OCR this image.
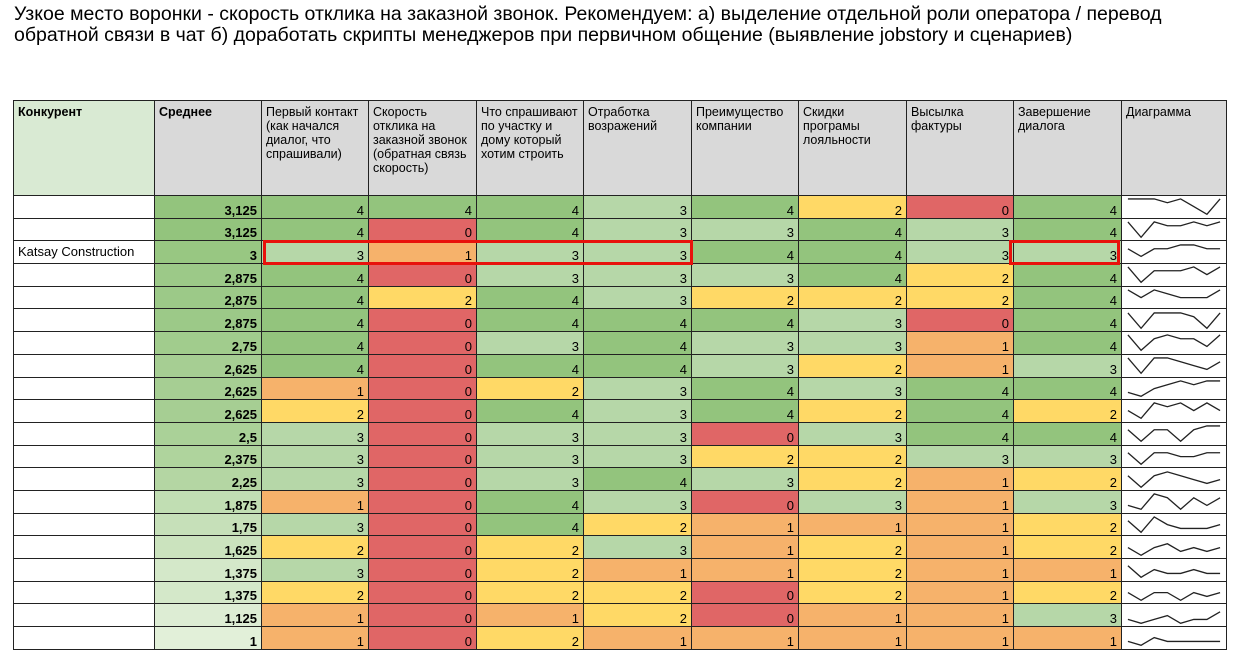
Узкое место воронки - скорость отклика на заказной звонок. Рекомендуем: а) выделение отдельной роли оператора / перевод обратной связи в чат б) доработать скрипты менеджеров при первичном общение (выявление jobstory и сценариев)
Конкурент	Среднее	Первый контакт (как начался диалог, что спрашивали)	Скорость отклика на заказной звонок (обратная связь скорость)	Что спрашивают по участку и дому который хотим строить	Отработка возражений	Преимущество компании	Скидки програмы лояльности	Высылка фактуры	Завершение диалога	Диаграмма
	3,125	4	4	4	3	4	2	0	4	

	3,125	4	0	4	3	3	4	3	4	

Katsay Construction	3	3	1	3	3	4	4	3	3	

	2,875	4	0	3	3	3	4	2	4	

	2,875	4	2	4	3	2	2	2	4	

	2,875	4	0	4	4	4	3	0	4	

	2,75	4	0	3	4	3	3	1	4	

	2,625	4	0	4	4	3	2	1	3	

	2,625	1	0	2	3	4	3	4	4	

	2,625	2	0	4	3	4	2	4	2	

	2,5	3	0	3	3	0	3	4	4	

	2,375	3	0	3	3	2	2	3	3	

	2,25	3	0	3	4	3	2	1	2	

	1,875	1	0	4	3	0	3	1	3	

	1,75	3	0	4	2	1	1	1	2	

	1,625	2	0	2	3	1	2	1	2	

	1,375	3	0	2	1	1	2	1	1	

	1,375	2	0	2	2	0	2	1	2	

	1,125	1	0	1	2	0	1	1	3	

	1	1	0	2	1	1	1	1	1	
